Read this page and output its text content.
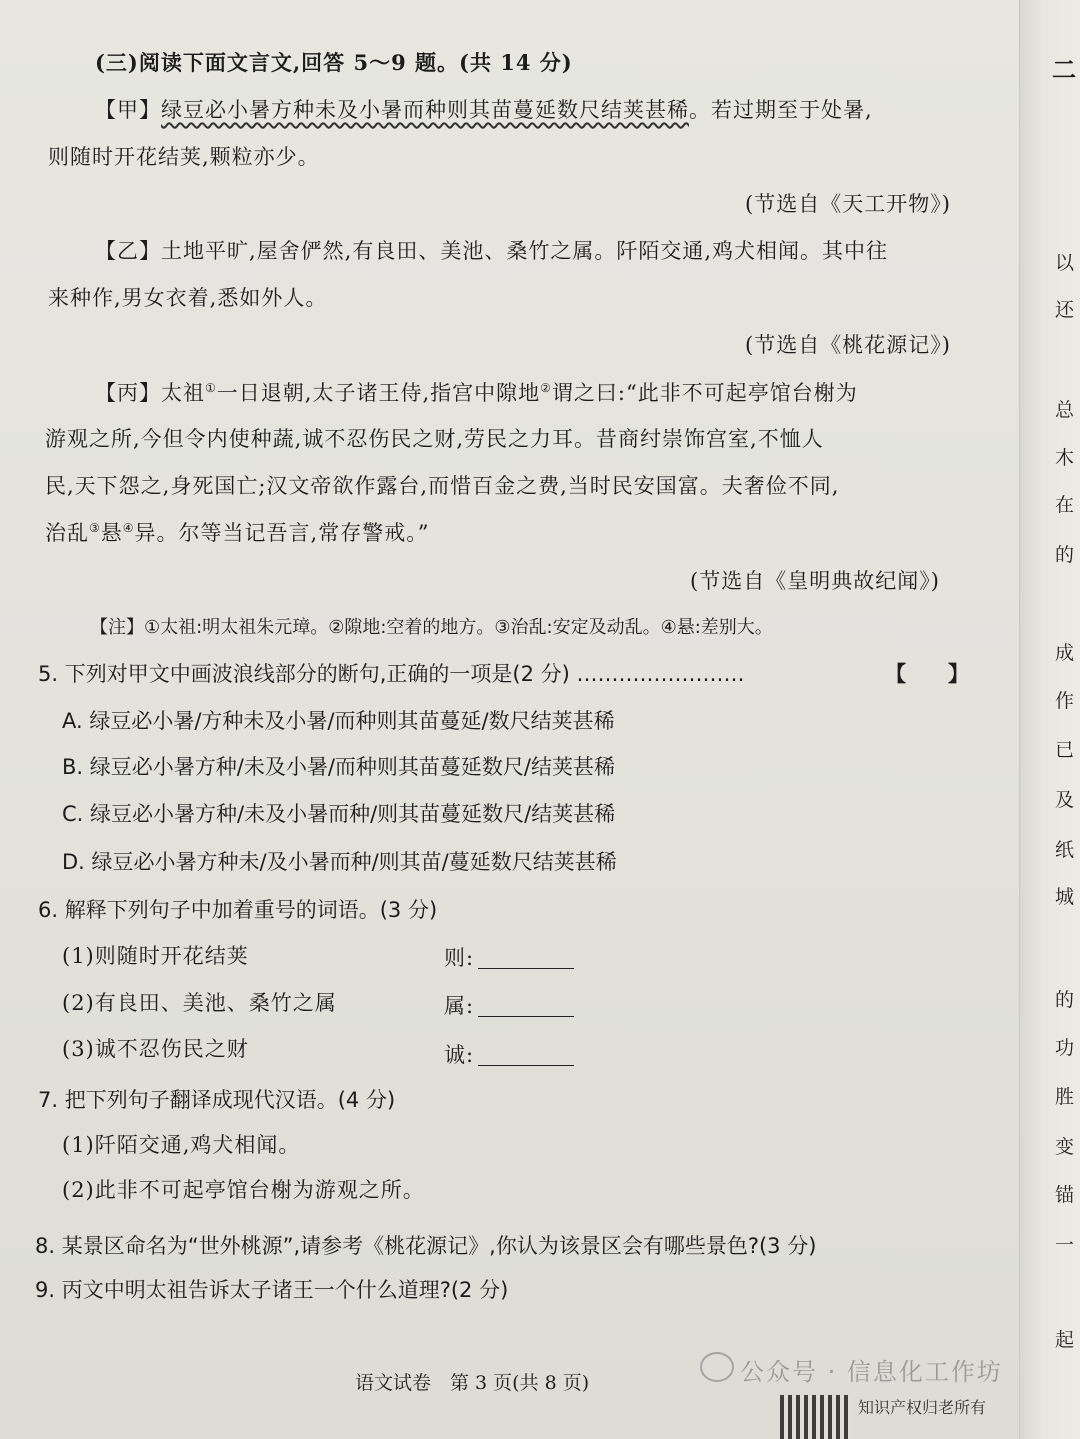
(三)阅读下面文言文,回答 5～9 题。(共 14 分)
【甲】绿豆必小暑方种未及小暑而种则其苗蔓延数尺结荚甚稀。若过期至于处暑,
则随时开花结荚,颗粒亦少。
(节选自《天工开物》)
【乙】土地平旷,屋舍俨然,有良田、美池、桑竹之属。阡陌交通,鸡犬相闻。其中往
来种作,男女衣着,悉如外人。
(节选自《桃花源记》)
【丙】太祖①一日退朝,太子诸王侍,指宫中隙地②谓之曰:“此非不可起亭馆台榭为
游观之所,今但令内使种蔬,诚不忍伤民之财,劳民之力耳。昔商纣崇饰宫室,不恤人
民,天下怨之,身死国亡;汉文帝欲作露台,而惜百金之费,当时民安国富。夫奢俭不同,
治乱③悬④异。尔等当记吾言,常存警戒。”
(节选自《皇明典故纪闻》)
【注】①太祖:明太祖朱元璋。②隙地:空着的地方。③治乱:安定及动乱。④悬:差别大。
5. 下列对甲文中画波浪线部分的断句,正确的一项是(2 分) ……………………	【　　】
A. 绿豆必小暑/方种未及小暑/而种则其苗蔓延/数尺结荚甚稀
B. 绿豆必小暑方种/未及小暑/而种则其苗蔓延数尺/结荚甚稀
C. 绿豆必小暑方种/未及小暑而种/则其苗蔓延数尺/结荚甚稀
D. 绿豆必小暑方种未/及小暑而种/则其苗/蔓延数尺结荚甚稀
6. 解释下列句子中加着重号的词语。(3 分)
(1)则随时开花结荚	则:
(2)有良田、美池、桑竹之属	属:
(3)诚不忍伤民之财	诚:
7. 把下列句子翻译成现代汉语。(4 分)
(1)阡陌交通,鸡犬相闻。
(2)此非不可起亭馆台榭为游观之所。
8. 某景区命名为“世外桃源”,请参考《桃花源记》,你认为该景区会有哪些景色?(3 分)
9. 丙文中明太祖告诉太子诸王一个什么道理?(2 分)
语文试卷　第 3 页(共 8 页)	公众号 · 信息化工作坊
知识产权归老所有
二
以
还
总
木
在
的
成
作
已
及
纸
城
的
功
胜
变
锚
一
起
